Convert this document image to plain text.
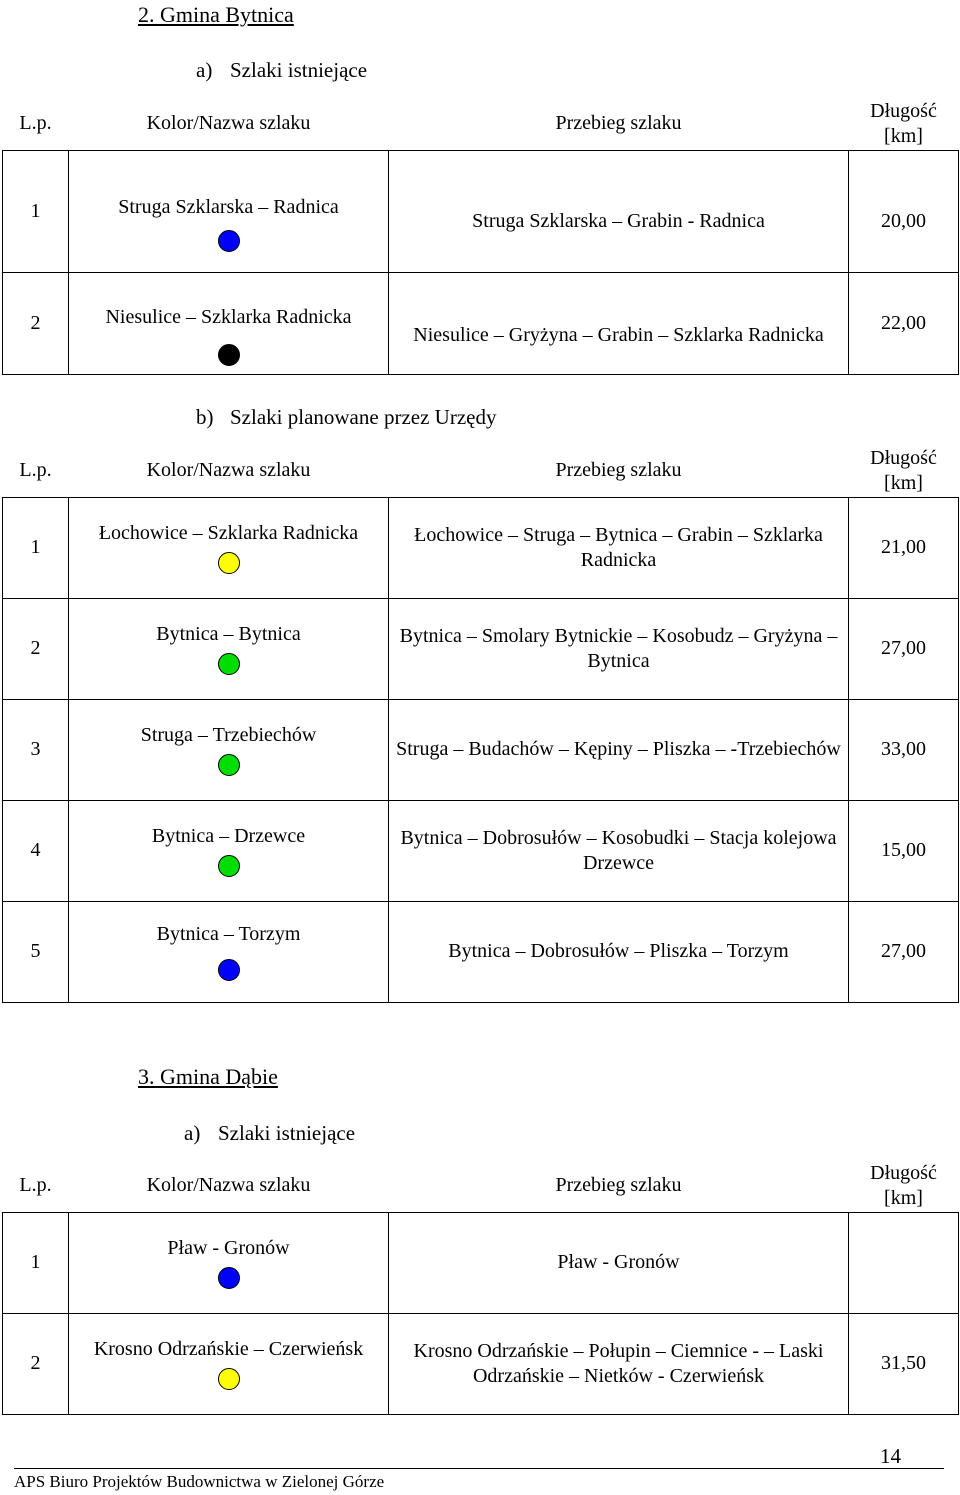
2. Gmina Bytnica
a) Szlaki istniejące
L.p.	Kolor/Nazwa szlaku	Przebieg szlaku	Długość [km]
1	Struga Szklarska – Radnica	Struga Szklarska – Grabin - Radnica	20,00
2	Niesulice – Szklarka Radnicka	Niesulice – Gryżyna – Grabin – Szklarka Radnicka	22,00
b) Szlaki planowane przez Urzędy
L.p.	Kolor/Nazwa szlaku	Przebieg szlaku	Długość [km]
1	Łochowice – Szklarka Radnicka	Łochowice – Struga – Bytnica – Grabin – Szklarka Radnicka	21,00
2	Bytnica – Bytnica	Bytnica – Smolary Bytnickie – Kosobudz – Gryżyna – Bytnica	27,00
3	Struga – Trzebiechów	Struga – Budachów – Kępiny – Pliszka – -Trzebiechów	33,00
4	Bytnica – Drzewce	Bytnica – Dobrosułów – Kosobudki – Stacja kolejowa Drzewce	15,00
5	Bytnica – Torzym	Bytnica – Dobrosułów – Pliszka – Torzym	27,00
3. Gmina Dąbie
a) Szlaki istniejące
L.p.	Kolor/Nazwa szlaku	Przebieg szlaku	Długość [km]
1	Pław - Gronów	Pław - Gronów	
2	Krosno Odrzańskie – Czerwieńsk	Krosno Odrzańskie – Połupin – Ciemnice - – Laski Odrzańskie – Nietków - Czerwieńsk	31,50
14
APS Biuro Projektów Budownictwa w Zielonej Górze
